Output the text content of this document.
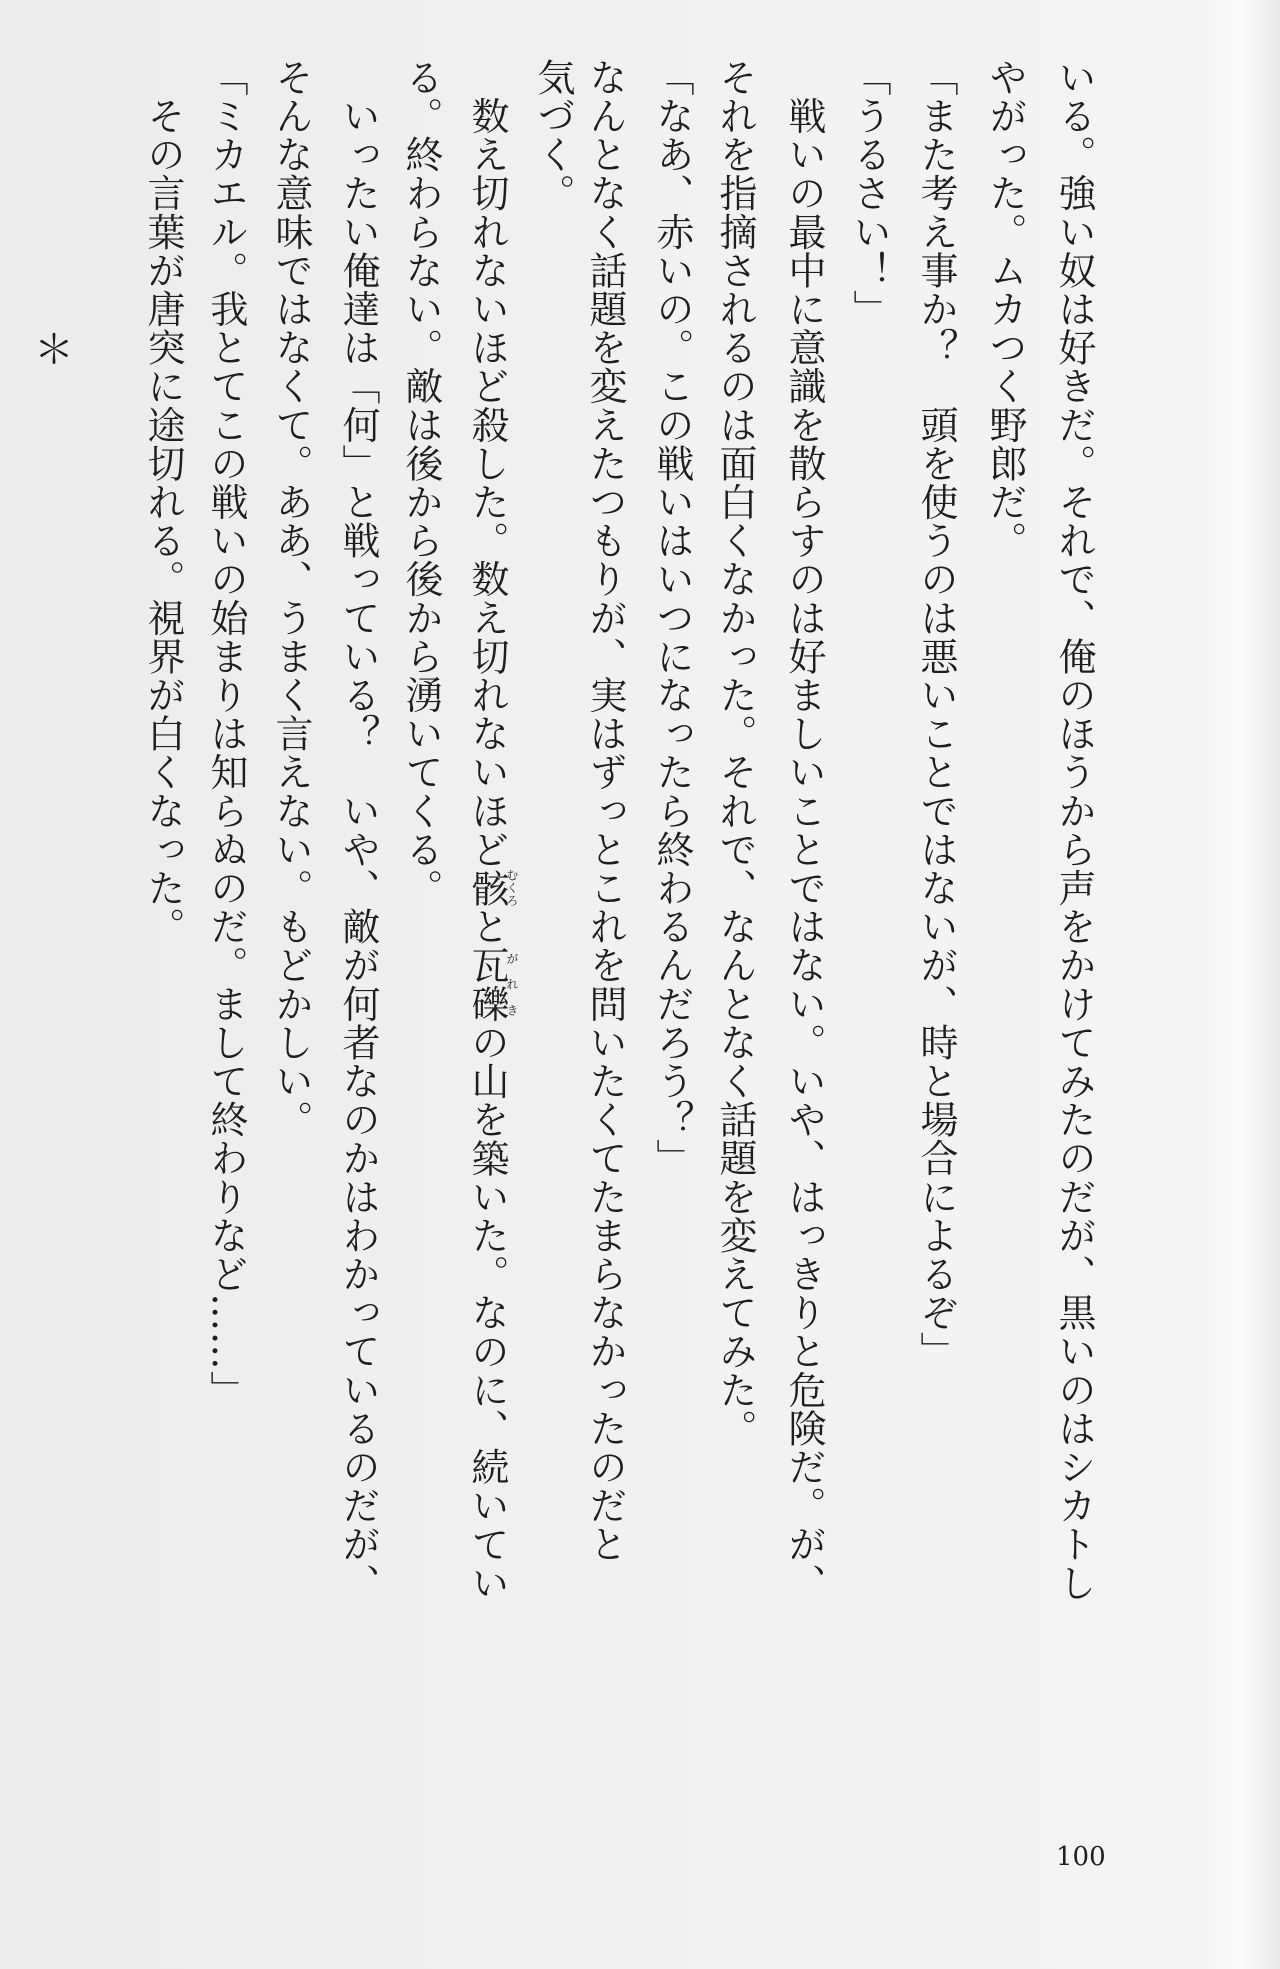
＊	いる。強い奴は好きだ。それで、俺のほうから声をかけてみたのだが、黒いのはシカトし
やがった。ムカつく野郎だ。
「また考え事か？　頭を使うのは悪いことではないが、時と場合によるぞ」
「うるさい！」
　戦いの最中に意識を散らすのは好ましいことではない。いや、はっきりと危険だ。が、
それを指摘されるのは面白くなかった。それで、なんとなく話題を変えてみた。
「なあ、赤いの。この戦いはいつになったら終わるんだろう？」
なんとなく話題を変えたつもりが、実はずっとこれを問いたくてたまらなかったのだと
気づく。
　数え切れないほど殺した。数え切れないほど骸むくろと瓦礫がれきの山を築いた。なのに、続いてい
る。終わらない。敵は後から後から湧いてくる。
　いったい俺達は「何」と戦っている？　いや、敵が何者なのかはわかっているのだが、
そんな意味ではなくて。ああ、うまく言えない。もどかしい。
「ミカエル。我とてこの戦いの始まりは知らぬのだ。まして終わりなど……」
　その言葉が唐突に途切れる。視界が白くなった。
100
